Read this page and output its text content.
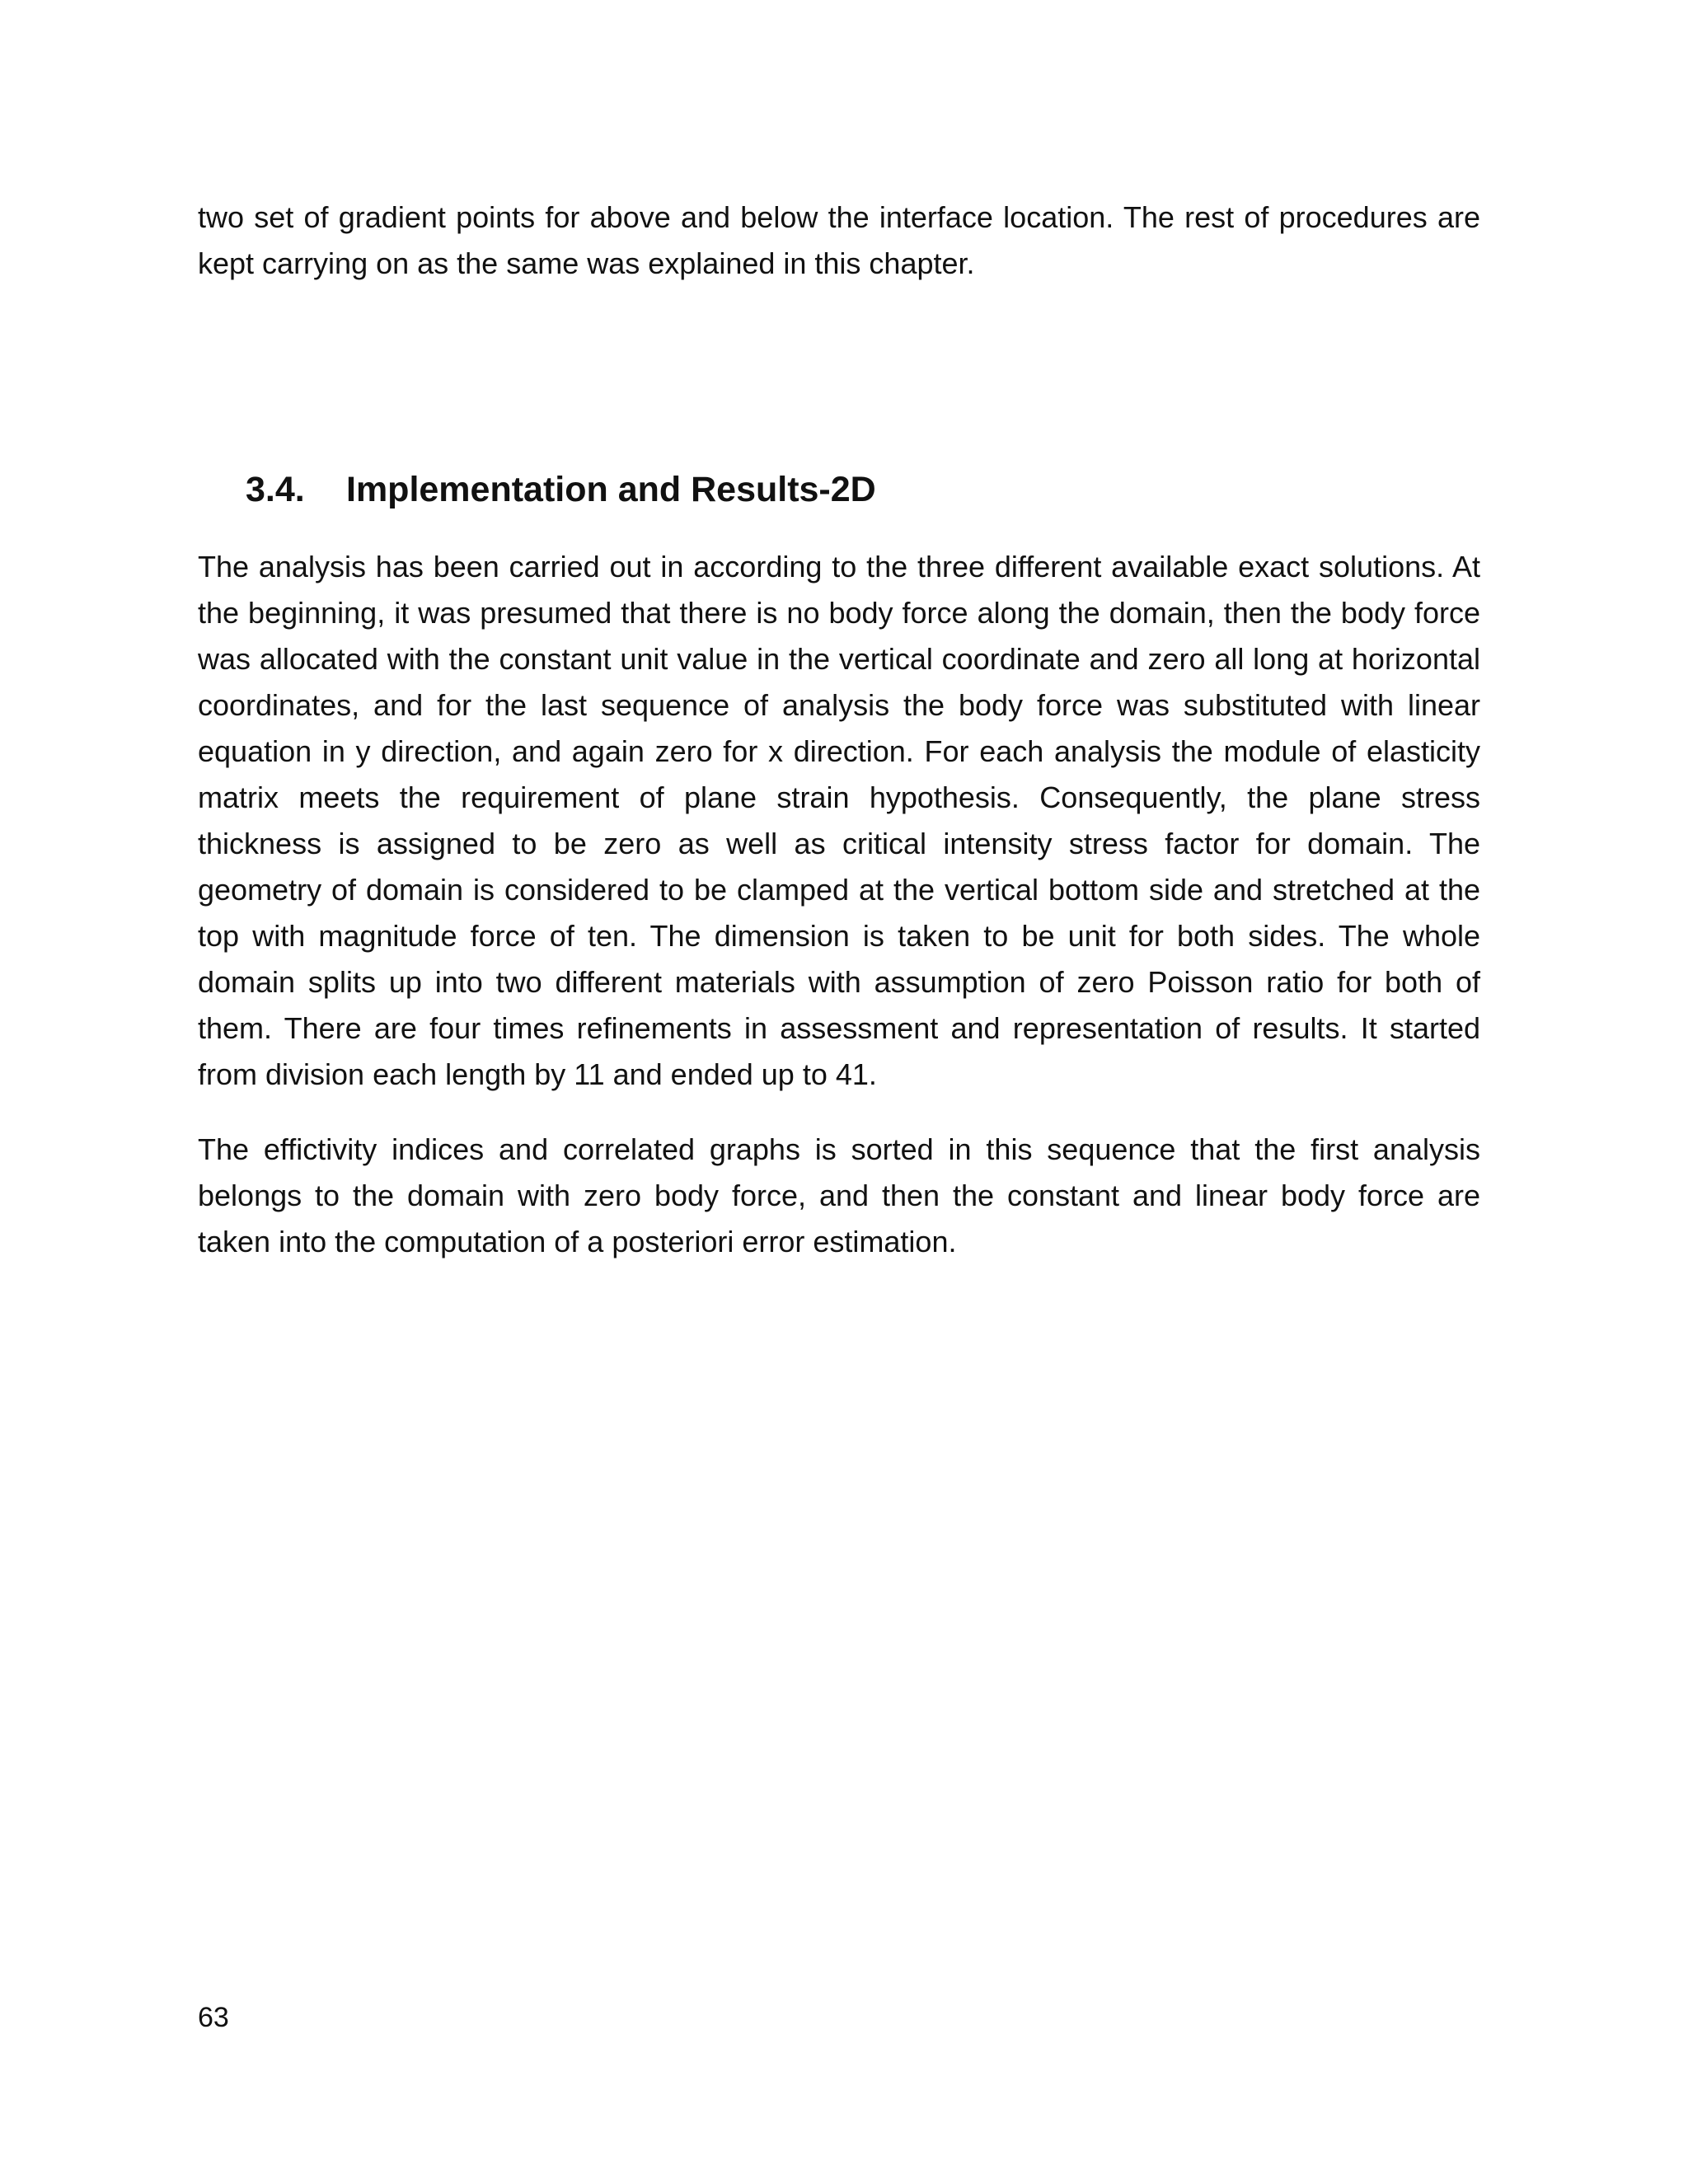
two set of gradient points for above and below the interface location. The rest of procedures are kept carrying on as the same was explained in this chapter.

3.4. Implementation and Results-2D

The analysis has been carried out in according to the three different available exact solutions. At the beginning, it was presumed that there is no body force along the domain, then the body force was allocated with the constant unit value in the vertical coordinate and zero all long at horizontal coordinates, and for the last sequence of analysis the body force was substituted with linear equation in y direction, and again zero for x direction. For each analysis the module of elasticity matrix meets the requirement of plane strain hypothesis. Consequently, the plane stress thickness is assigned to be zero as well as critical intensity stress factor for domain. The geometry of domain is considered to be clamped at the vertical bottom side and stretched at the top with magnitude force of ten. The dimension is taken to be unit for both sides. The whole domain splits up into two different materials with assumption of zero Poisson ratio for both of them. There are four times refinements in assessment and representation of results. It started from division each length by 11 and ended up to 41.

The effictivity indices and correlated graphs is sorted in this sequence that the first analysis belongs to the domain with zero body force, and then the constant and linear body force are taken into the computation of a posteriori error estimation.

63
